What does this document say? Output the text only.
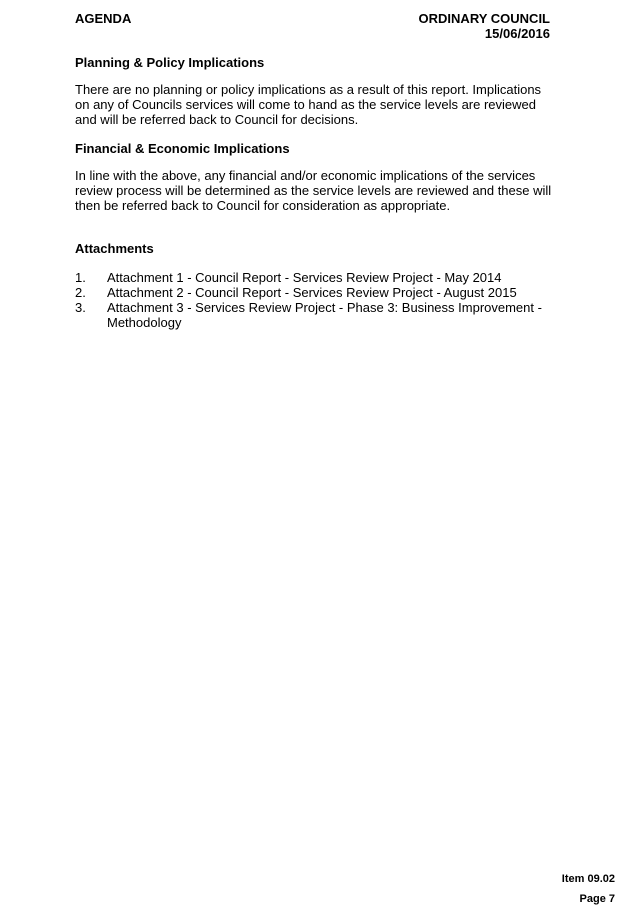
AGENDA	ORDINARY COUNCIL
15/06/2016

Planning & Policy Implications

There are no planning or policy implications as a result of this report. Implications on any of Councils services will come to hand as the service levels are reviewed and will be referred back to Council for decisions.

Financial & Economic Implications

In line with the above, any financial and/or economic implications of the services review process will be determined as the service levels are reviewed and these will then be referred back to Council for consideration as appropriate.

Attachments

1.	Attachment 1 - Council Report - Services Review Project - May 2014
2.	Attachment 2 - Council Report - Services Review Project - August 2015
3.	Attachment 3 - Services Review Project - Phase 3: Business Improvement - Methodology
Item 09.02
Page 7
